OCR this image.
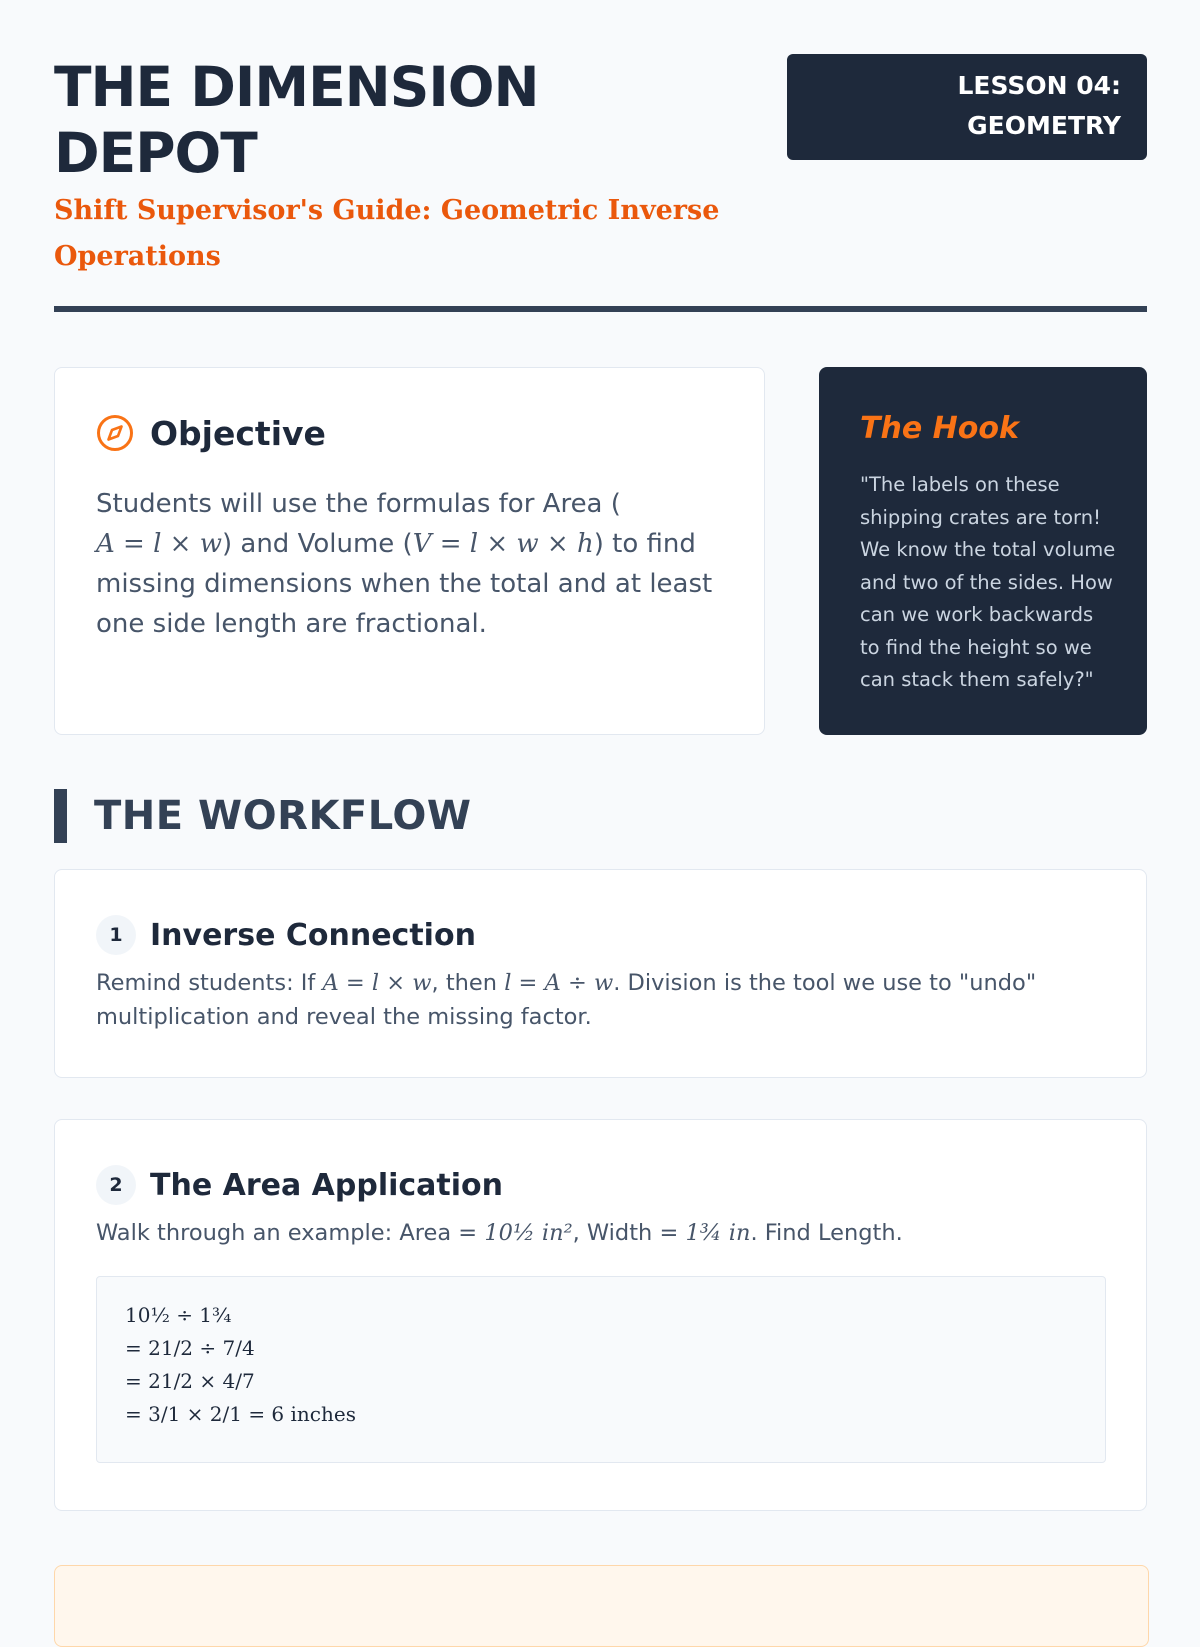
THE DIMENSION DEPOT

Shift Supervisor's Guide: Geometric Inverse Operations

LESSON 04:
GEOMETRY
Objective
Students will use the formulas for Area (
A = l × w) and Volume (V = l × w × h) to find missing dimensions when the total and at least one side length are fractional.
The Hook
"The labels on these shipping crates are torn! We know the total volume and two of the sides. How can we work backwards to find the height so we can stack them safely?"
THE WORKFLOW
1 Inverse Connection
Remind students: If A = l × w, then l = A ÷ w. Division is the tool we use to "undo" multiplication and reveal the missing factor.
2 The Area Application
Walk through an example: Area = 10½ in², Width = 1¾ in. Find Length.
10½ ÷ 1¾
= 21/2 ÷ 7/4
= 21/2 × 4/7
= 3/1 × 2/1 = 6 inches
